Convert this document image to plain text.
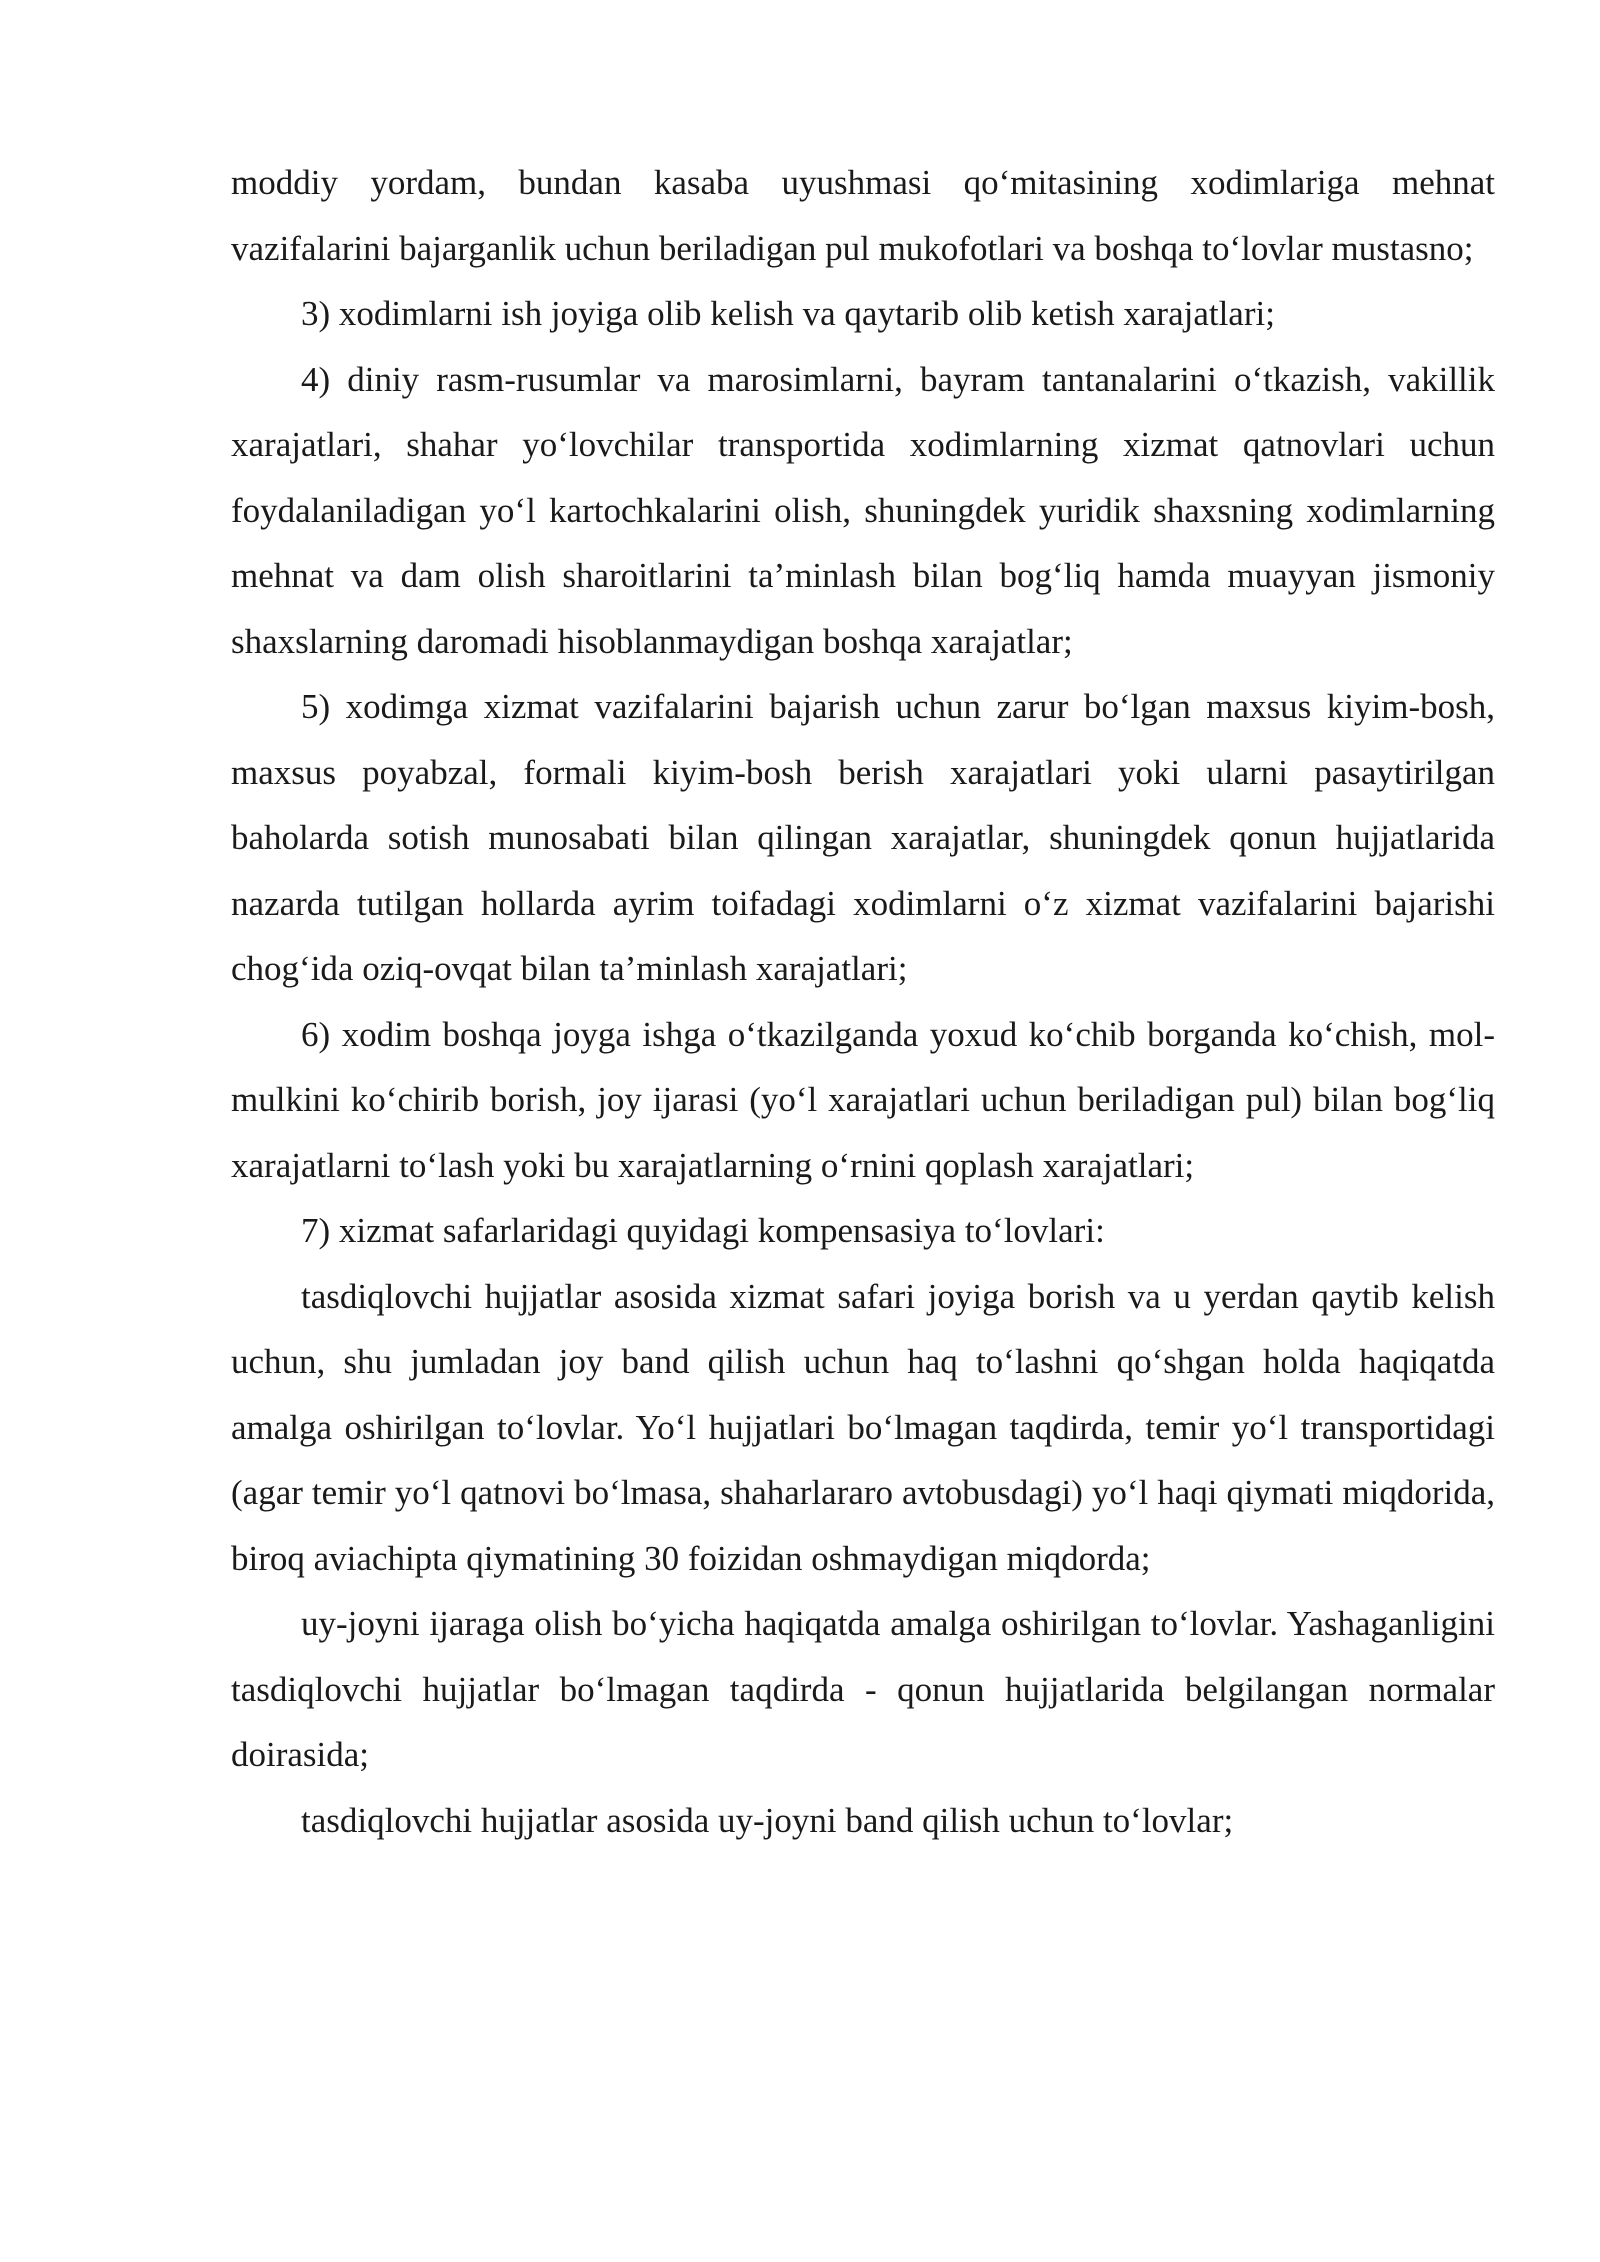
moddiy yordam, bundan kasaba uyushmasi qo‘mitasining xodimlariga mehnat vazifalarini bajarganlik uchun beriladigan pul mukofotlari va boshqa to‘lovlar mustasno;

3) xodimlarni ish joyiga olib kelish va qaytarib olib ketish xarajatlari;

4) diniy rasm-rusumlar va marosimlarni, bayram tantanalarini o‘tkazish, vakillik xarajatlari, shahar yo‘lovchilar transportida xodimlarning xizmat qatnovlari uchun foydalaniladigan yo‘l kartochkalarini olish, shuningdek yuridik shaxsning xodimlarning mehnat va dam olish sharoitlarini ta’minlash bilan bog‘liq hamda muayyan jismoniy shaxslarning daromadi hisoblanmaydigan boshqa xarajatlar;

5) xodimga xizmat vazifalarini bajarish uchun zarur bo‘lgan maxsus kiyim-bosh, maxsus poyabzal, formali kiyim-bosh berish xarajatlari yoki ularni pasaytirilgan baholarda sotish munosabati bilan qilingan xarajatlar, shuningdek qonun hujjatlarida nazarda tutilgan hollarda ayrim toifadagi xodimlarni o‘z xizmat vazifalarini bajarishi chog‘ida oziq-ovqat bilan ta’minlash xarajatlari;

6) xodim boshqa joyga ishga o‘tkazilganda yoxud ko‘chib borganda ko‘chish, mol-mulkini ko‘chirib borish, joy ijarasi (yo‘l xarajatlari uchun beriladigan pul) bilan bog‘liq xarajatlarni to‘lash yoki bu xarajatlarning o‘rnini qoplash xarajatlari;

7) xizmat safarlaridagi quyidagi kompensasiya to‘lovlari:

tasdiqlovchi hujjatlar asosida xizmat safari joyiga borish va u yerdan qaytib kelish uchun, shu jumladan joy band qilish uchun haq to‘lashni qo‘shgan holda haqiqatda amalga oshirilgan to‘lovlar. Yo‘l hujjatlari bo‘lmagan taqdirda, temir yo‘l transportidagi (agar temir yo‘l qatnovi bo‘lmasa, shaharlararo avtobusdagi) yo‘l haqi qiymati miqdorida, biroq aviachipta qiymatining 30 foizidan oshmaydigan miqdorda;

uy-joyni ijaraga olish bo‘yicha haqiqatda amalga oshirilgan to‘lovlar. Yashaganligini tasdiqlovchi hujjatlar bo‘lmagan taqdirda - qonun hujjatlarida belgilangan normalar doirasida;

tasdiqlovchi hujjatlar asosida uy-joyni band qilish uchun to‘lovlar;
